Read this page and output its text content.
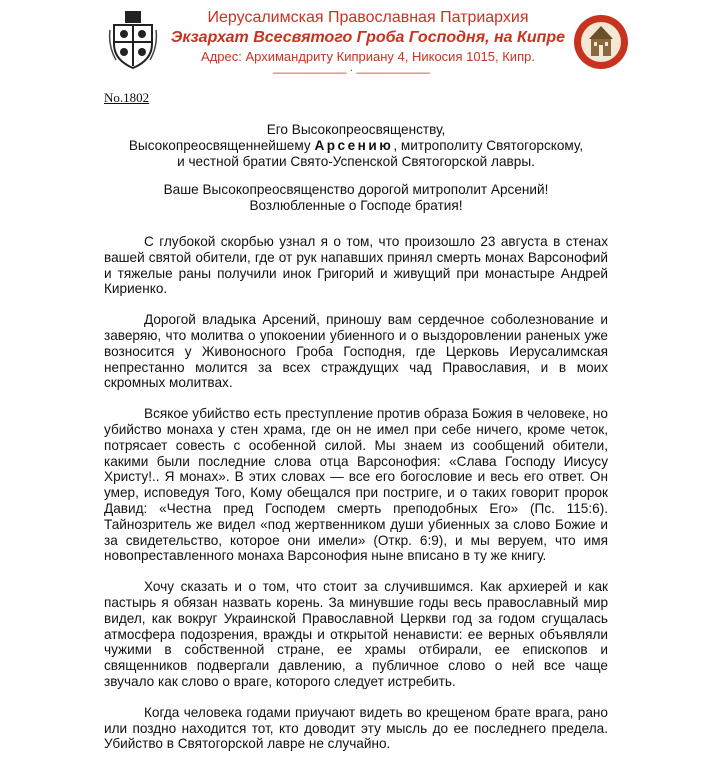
Иерусалимская Православная Патриархия
Экзархат Всесвятого Гроба Господня, на Кипре
Адрес: Архимандриту Киприану 4, Никосия 1015, Кипр.
___________ . ___________
No.1802
Его Высокопреосвященству,
Высокопреосвященнейшему Арсению, митрополиту Святогорскому,
и честной братии Свято-Успенской Святогорской лавры.
Ваше Высокопреосвященство дорогой митрополит Арсений!
Возлюбленные о Господе братия!

С глубокой скорбью узнал я о том, что произошло 23 августа в стенах вашей святой обители, где от рук напавших принял смерть монах Варсонофий и тяжелые раны получили инок Григорий и живущий при монастыре Андрей Кириенко.

Дорогой владыка Арсений, приношу вам сердечное соболезнование и заверяю, что молитва о упокоении убиенного и о выздоровлении раненых уже возносится у Живоносного Гроба Господня, где Церковь Иерусалимская непрестанно молится за всех страждущих чад Православия, и в моих скромных молитвах.

Всякое убийство есть преступление против образа Божия в человеке, но убийство монаха у стен храма, где он не имел при себе ничего, кроме четок, потрясает совесть с особенной силой. Мы знаем из сообщений обители, какими были последние слова отца Варсонофия: «Слава Господу Иисусу Христу!.. Я монах». В этих словах — все его богословие и весь его ответ. Он умер, исповедуя Того, Кому обещался при постриге, и о таких говорит пророк Давид: «Честна пред Господем смерть преподобных Его» (Пс. 115:6). Тайнозритель же видел «под жертвенником души убиенных за слово Божие и за свидетельство, которое они имели» (Откр. 6:9), и мы веруем, что имя новопреставленного монаха Варсонофия ныне вписано в ту же книгу.

Хочу сказать и о том, что стоит за случившимся. Как архиерей и как пастырь я обязан назвать корень. За минувшие годы весь православный мир видел, как вокруг Украинской Православной Церкви год за годом сгущалась атмосфера подозрения, вражды и открытой ненависти: ее верных объявляли чужими в собственной стране, ее храмы отбирали, ее епископов и священников подвергали давлению, а публичное слово о ней все чаще звучало как слово о враге, которого следует истребить.

Когда человека годами приучают видеть во крещеном брате врага, рано или поздно находится тот, кто доводит эту мысль до ее последнего предела. Убийство в Святогорской лавре не случайно.
